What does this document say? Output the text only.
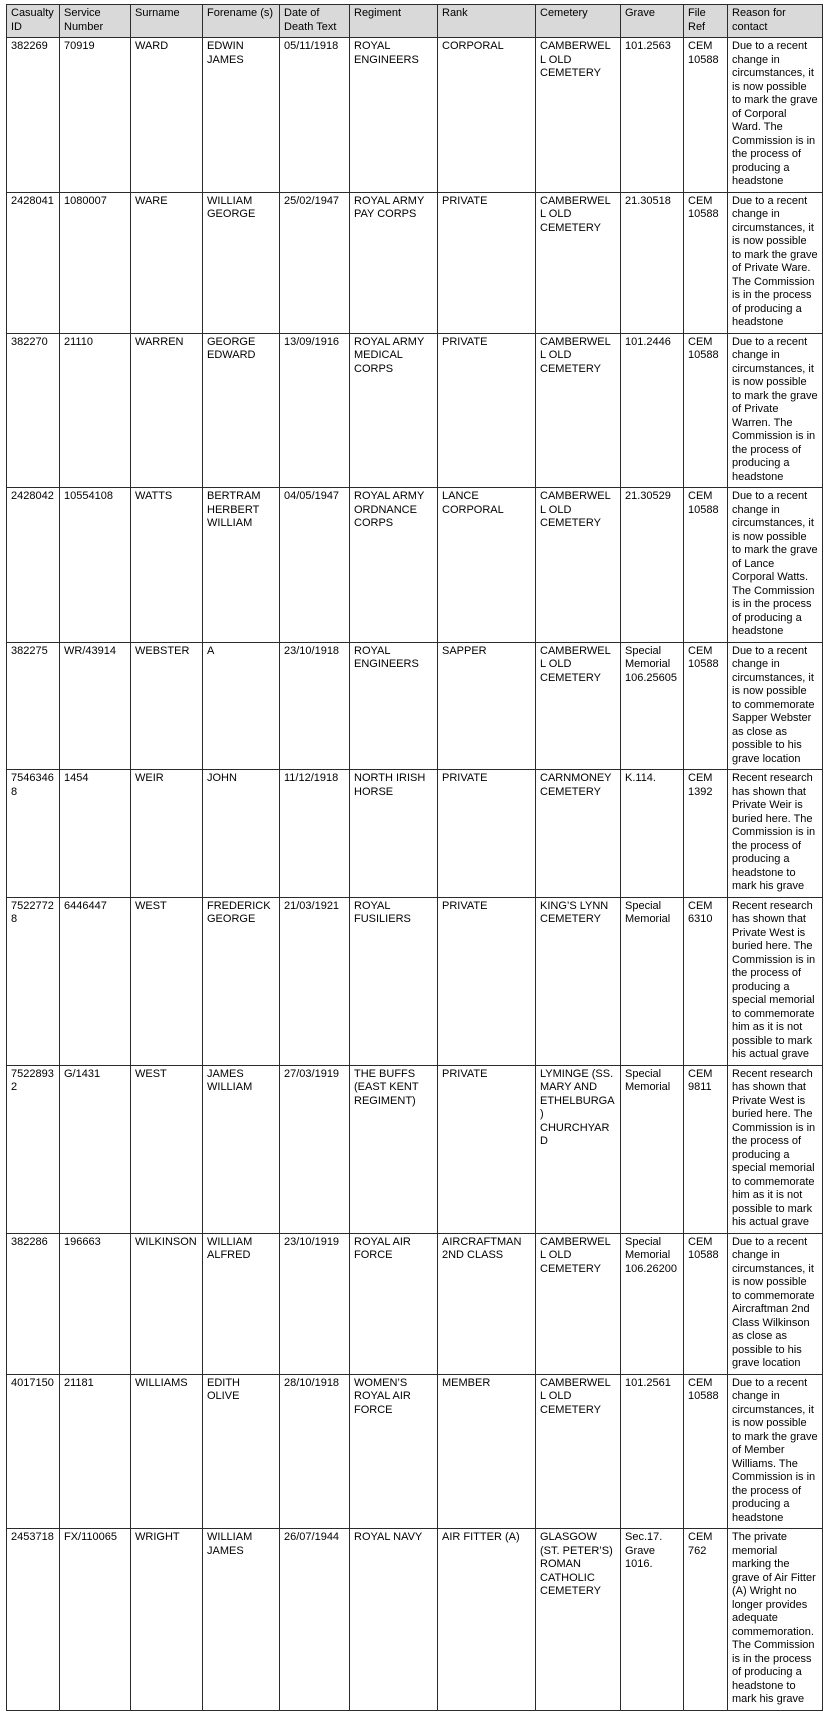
Casualty ID	Service Number	Surname	Forename (s)	Date of Death Text	Regiment	Rank	Cemetery	Grave	File Ref	Reason for contact
382269	70919	WARD	EDWIN JAMES	05/11/1918	ROYAL ENGINEERS	CORPORAL	CAMBERWELL OLD CEMETERY	101.2563	CEM 10588	Due to a recent change in circumstances, it is now possible to mark the grave of Corporal Ward. The Commission is in the process of producing a headstone
2428041	1080007	WARE	WILLIAM GEORGE	25/02/1947	ROYAL ARMY PAY CORPS	PRIVATE	CAMBERWELL OLD CEMETERY	21.30518	CEM 10588	Due to a recent change in circumstances, it is now possible to mark the grave of Private Ware. The Commission is in the process of producing a headstone
382270	21110	WARREN	GEORGE EDWARD	13/09/1916	ROYAL ARMY MEDICAL CORPS	PRIVATE	CAMBERWELL OLD CEMETERY	101.2446	CEM 10588	Due to a recent change in circumstances, it is now possible to mark the grave of Private Warren. The Commission is in the process of producing a headstone
2428042	10554108	WATTS	BERTRAM HERBERT WILLIAM	04/05/1947	ROYAL ARMY ORDNANCE CORPS	LANCE CORPORAL	CAMBERWELL OLD CEMETERY	21.30529	CEM 10588	Due to a recent change in circumstances, it is now possible to mark the grave of Lance Corporal Watts. The Commission is in the process of producing a headstone
382275	WR/43914	WEBSTER	A	23/10/1918	ROYAL ENGINEERS	SAPPER	CAMBERWELL OLD CEMETERY	Special Memorial 106.25605	CEM 10588	Due to a recent change in circumstances, it is now possible to commemorate Sapper Webster as close as possible to his grave location
75463468	1454	WEIR	JOHN	11/12/1918	NORTH IRISH HORSE	PRIVATE	CARNMONEY CEMETERY	K.114.	CEM 1392	Recent research has shown that Private Weir is buried here. The Commission is in the process of producing a headstone to mark his grave
75227728	6446447	WEST	FREDERICK GEORGE	21/03/1921	ROYAL FUSILIERS	PRIVATE	KING’S LYNN CEMETERY	Special Memorial	CEM 6310	Recent research has shown that Private West is buried here. The Commission is in the process of producing a special memorial to commemorate him as it is not possible to mark his actual grave
75228932	G/1431	WEST	JAMES WILLIAM	27/03/1919	THE BUFFS (EAST KENT REGIMENT)	PRIVATE	LYMINGE (SS. MARY AND ETHELBURGA) CHURCHYARD	Special Memorial	CEM 9811	Recent research has shown that Private West is buried here. The Commission is in the process of producing a special memorial to commemorate him as it is not possible to mark his actual grave
382286	196663	WILKINSON	WILLIAM ALFRED	23/10/1919	ROYAL AIR FORCE	AIRCRAFTMAN 2ND CLASS	CAMBERWELL OLD CEMETERY	Special Memorial 106.26200	CEM 10588	Due to a recent change in circumstances, it is now possible to commemorate Aircraftman 2nd Class Wilkinson as close as possible to his grave location
4017150	21181	WILLIAMS	EDITH OLIVE	28/10/1918	WOMEN’S ROYAL AIR FORCE	MEMBER	CAMBERWELL OLD CEMETERY	101.2561	CEM 10588	Due to a recent change in circumstances, it is now possible to mark the grave of Member Williams. The Commission is in the process of producing a headstone
2453718	FX/110065	WRIGHT	WILLIAM JAMES	26/07/1944	ROYAL NAVY	AIR FITTER (A)	GLASGOW (ST. PETER’S) ROMAN CATHOLIC CEMETERY	Sec.17. Grave 1016.	CEM 762	The private memorial marking the grave of Air Fitter (A) Wright no longer provides adequate commemoration. The Commission is in the process of producing a headstone to mark his grave
